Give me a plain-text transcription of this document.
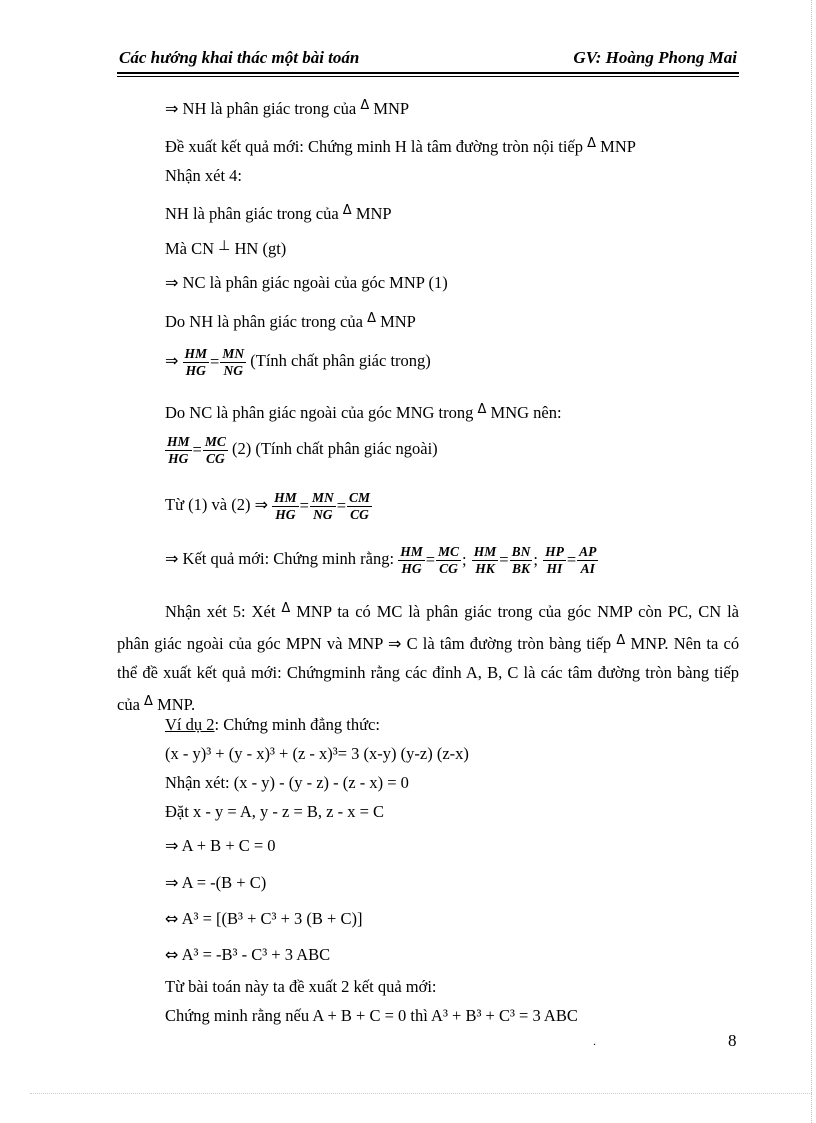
Các hướng khai thác một bài toán	GV: Hoàng Phong Mai
⇒ NH là phân giác trong của $^\Delta$ MNP
Đề xuất kết quả mới: Chứng minh H là tâm đường tròn nội tiếp $^\Delta$ MNP
Nhận xét 4:
NH là phân giác trong của $^\Delta$ MNP
Mà CN ⊥ HN (gt)
⇒ NC là phân giác ngoài của góc MNP (1)
Do NH là phân giác trong của $^\Delta$ MNP
⇒ $\frac{HM}{HG} = \frac{MN}{NG}$ (Tính chất phân giác trong)
Do NC là phân giác ngoài của góc MNG trong $^\Delta$ MNG nên:
$\frac{HM}{HG} = \frac{MC}{CG} (2)$ (Tính chất phân giác ngoài)
Từ (1) và (2) ⇒ $\frac{HM}{HG} = \frac{MN}{NG} = \frac{CM}{CG}$
⇒ Kết quả mới: Chứng minh rằng: $\frac{HM}{HG} = \frac{MC}{CG}$ ; $\frac{HM}{HK} = \frac{BN}{BK}$ ; $\frac{HP}{HI} = \frac{AP}{AI}$
Nhận xét 5: Xét $^\Delta$ MNP ta có MC là phân giác trong của góc NMP còn PC, CN là phân giác ngoài của góc MPN và MNP ⇒ C là tâm đường tròn bàng tiếp $^\Delta$ MNP. Nên ta có thể đề xuất kết quả mới: Chứngminh rằng các đỉnh A, B, C là các tâm đường tròn bàng tiếp của $^\Delta$ MNP.
Ví dụ 2: Chứng minh đẳng thức:
(x - y)³ + (y - x)³ + (z - x)³= 3 (x-y) (y-z) (z-x)
Nhận xét: (x - y) - (y - z) - (z - x) = 0
Đặt x - y = A, y - z = B, z - x = C
⇒ A + B + C = 0
⇒ A = -(B + C)
⇔ A³ = [(B³ + C³ + 3 (B + C)]
⇔ A³ = -B³ - C³ + 3 ABC
Từ bài toán này ta đề xuất 2 kết quả mới:
Chứng minh rằng nếu A + B + C = 0 thì A³ + B³ + C³ = 3 ABC
.	8
